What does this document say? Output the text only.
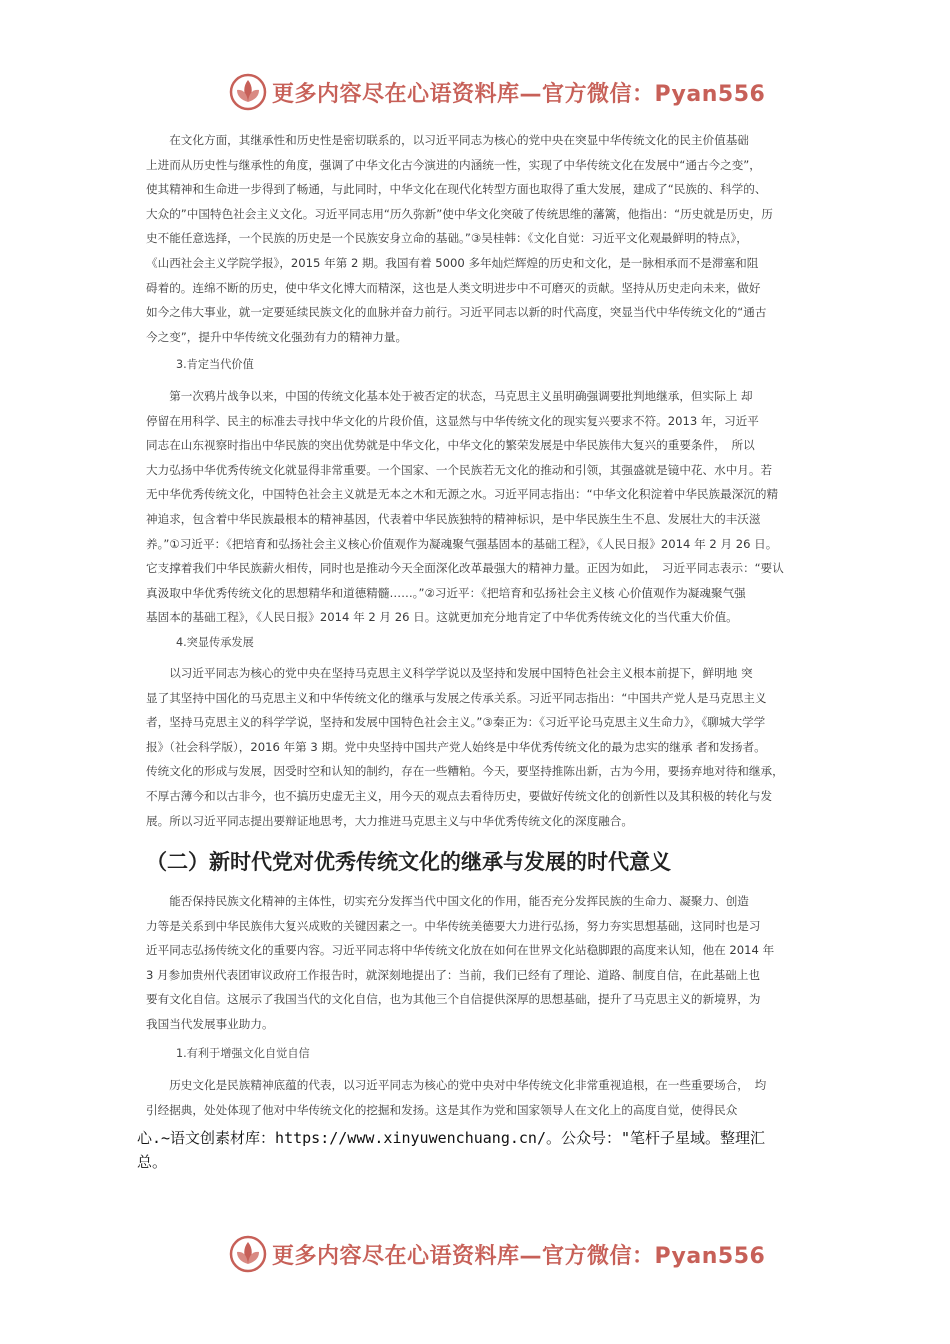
更多内容尽在心语资料库—官方微信：Pyan556
　　在文化方面，其继承性和历史性是密切联系的，以习近平同志为核心的党中央在突显中华传统文化的民主价值基础
上进而从历史性与继承性的角度，强调了中华文化古今演进的内涵统一性，实现了中华传统文化在发展中“通古今之变”，
使其精神和生命进一步得到了畅通，与此同时，中华文化在现代化转型方面也取得了重大发展，建成了“民族的、科学的、
大众的”中国特色社会主义文化。习近平同志用“历久弥新”使中华文化突破了传统思维的藩篱，他指出：“历史就是历史，历
史不能任意选择，一个民族的历史是一个民族安身立命的基础。”③吴桂韩：《文化自觉：习近平文化观最鲜明的特点》，
《山西社会主义学院学报》，2015 年第 2 期。我国有着 5000 多年灿烂辉煌的历史和文化，是一脉相承而不是滞塞和阻
碍着的。连绵不断的历史，使中华文化博大而精深，这也是人类文明进步中不可磨灭的贡献。坚持从历史走向未来，做好
如今之伟大事业，就一定要延续民族文化的血脉并奋力前行。习近平同志以新的时代高度，突显当代中华传统文化的“通古
今之变”，提升中华传统文化强劲有力的精神力量。

3.肯定当代价值

　　第一次鸦片战争以来，中国的传统文化基本处于被否定的状态，马克思主义虽明确强调要批判地继承，但实际上 却
停留在用科学、民主的标准去寻找中华文化的片段价值，这显然与中华传统文化的现实复兴要求不符。2013 年，习近平
同志在山东视察时指出中华民族的突出优势就是中华文化，中华文化的繁荣发展是中华民族伟大复兴的重要条件，　所以
大力弘扬中华优秀传统文化就显得非常重要。一个国家、一个民族若无文化的推动和引领，其强盛就是镜中花、水中月。若
无中华优秀传统文化，中国特色社会主义就是无本之木和无源之水。习近平同志指出：“中华文化积淀着中华民族最深沉的精
神追求，包含着中华民族最根本的精神基因，代表着中华民族独特的精神标识，是中华民族生生不息、发展壮大的丰沃滋
养。”①习近平：《把培育和弘扬社会主义核心价值观作为凝魂聚气强基固本的基础工程》，《人民日报》2014 年 2 月 26 日。
它支撑着我们中华民族薪火相传，同时也是推动今天全面深化改革最强大的精神力量。正因为如此，　习近平同志表示：“要认
真汲取中华优秀传统文化的思想精华和道德精髓……。”②习近平：《把培育和弘扬社会主义核 心价值观作为凝魂聚气强
基固本的基础工程》，《人民日报》2014 年 2 月 26 日。这就更加充分地肯定了中华优秀传统文化的当代重大价值。

4.突显传承发展

　　以习近平同志为核心的党中央在坚持马克思主义科学学说以及坚持和发展中国特色社会主义根本前提下，鲜明地 突
显了其坚持中国化的马克思主义和中华传统文化的继承与发展之传承关系。习近平同志指出：“中国共产党人是马克思主义
者，坚持马克思主义的科学学说，坚持和发展中国特色社会主义。”③秦正为：《习近平论马克思主义生命力》，《聊城大学学
报》（社会科学版），2016 年第 3 期。党中央坚持中国共产党人始终是中华优秀传统文化的最为忠实的继承 者和发扬者。
传统文化的形成与发展，因受时空和认知的制约，存在一些糟粕。今天，要坚持推陈出新，古为今用，要扬弃地对待和继承，
不厚古薄今和以古非今，也不搞历史虚无主义，用今天的观点去看待历史，要做好传统文化的创新性以及其积极的转化与发
展。所以习近平同志提出要辩证地思考，大力推进马克思主义与中华优秀传统文化的深度融合。
（二）新时代党对优秀传统文化的继承与发展的时代意义
　　能否保持民族文化精神的主体性，切实充分发挥当代中国文化的作用，能否充分发挥民族的生命力、凝聚力、创造
力等是关系到中华民族伟大复兴成败的关键因素之一。中华传统美德要大力进行弘扬，努力夯实思想基础，这同时也是习
近平同志弘扬传统文化的重要内容。习近平同志将中华传统文化放在如何在世界文化站稳脚跟的高度来认知，他在 2014 年
3 月参加贵州代表团审议政府工作报告时，就深刻地提出了：当前，我们已经有了理论、道路、制度自信，在此基础上也
要有文化自信。这展示了我国当代的文化自信，也为其他三个自信提供深厚的思想基础，提升了马克思主义的新境界，为
我国当代发展事业助力。

1.有利于增强文化自觉自信

　　历史文化是民族精神底蕴的代表，以习近平同志为核心的党中央对中华传统文化非常重视追根，在一些重要场合，　均
引经据典，处处体现了他对中华传统文化的挖掘和发扬。这是其作为党和国家领导人在文化上的高度自觉，使得民众
心.~语文创素材库：https://www.xinyuwenchuang.cn/。公众号："笔杆子星域。整理汇
总。
更多内容尽在心语资料库—官方微信：Pyan556
